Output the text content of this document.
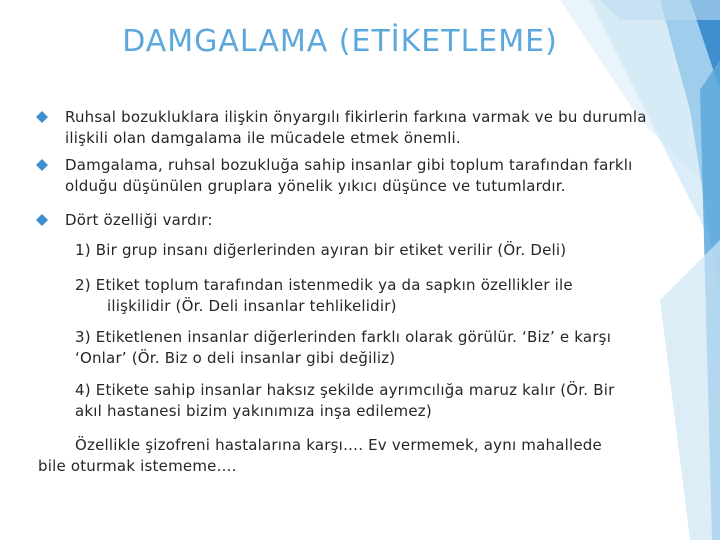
DAMGALAMA (ETİKETLEME)
Ruhsal bozukluklara ilişkin önyargılı fikirlerin farkına varmak ve bu durumla ilişkili olan damgalama ile mücadele etmek önemli.
Damgalama, ruhsal bozukluğa sahip insanlar gibi toplum tarafından farklı olduğu düşünülen gruplara yönelik yıkıcı düşünce ve tutumlardır.
Dört özelliği vardır:
1) Bir grup insanı diğerlerinden ayıran bir etiket verilir (Ör. Deli)
2) Etiket toplum tarafından istenmedik ya da sapkın özellikler ile
ilişkilidir (Ör. Deli insanlar tehlikelidir)
3) Etiketlenen insanlar diğerlerinden farklı olarak görülür. ‘Biz’ e karşı
‘Onlar’ (Ör. Biz o deli insanlar gibi değiliz)
4) Etikete sahip insanlar haksız şekilde ayrımcılığa maruz kalır (Ör. Bir
akıl hastanesi bizim yakınımıza inşa edilemez)
Özellikle şizofreni hastalarına karşı…. Ev vermemek, aynı mahallede
bile oturmak istememe….
